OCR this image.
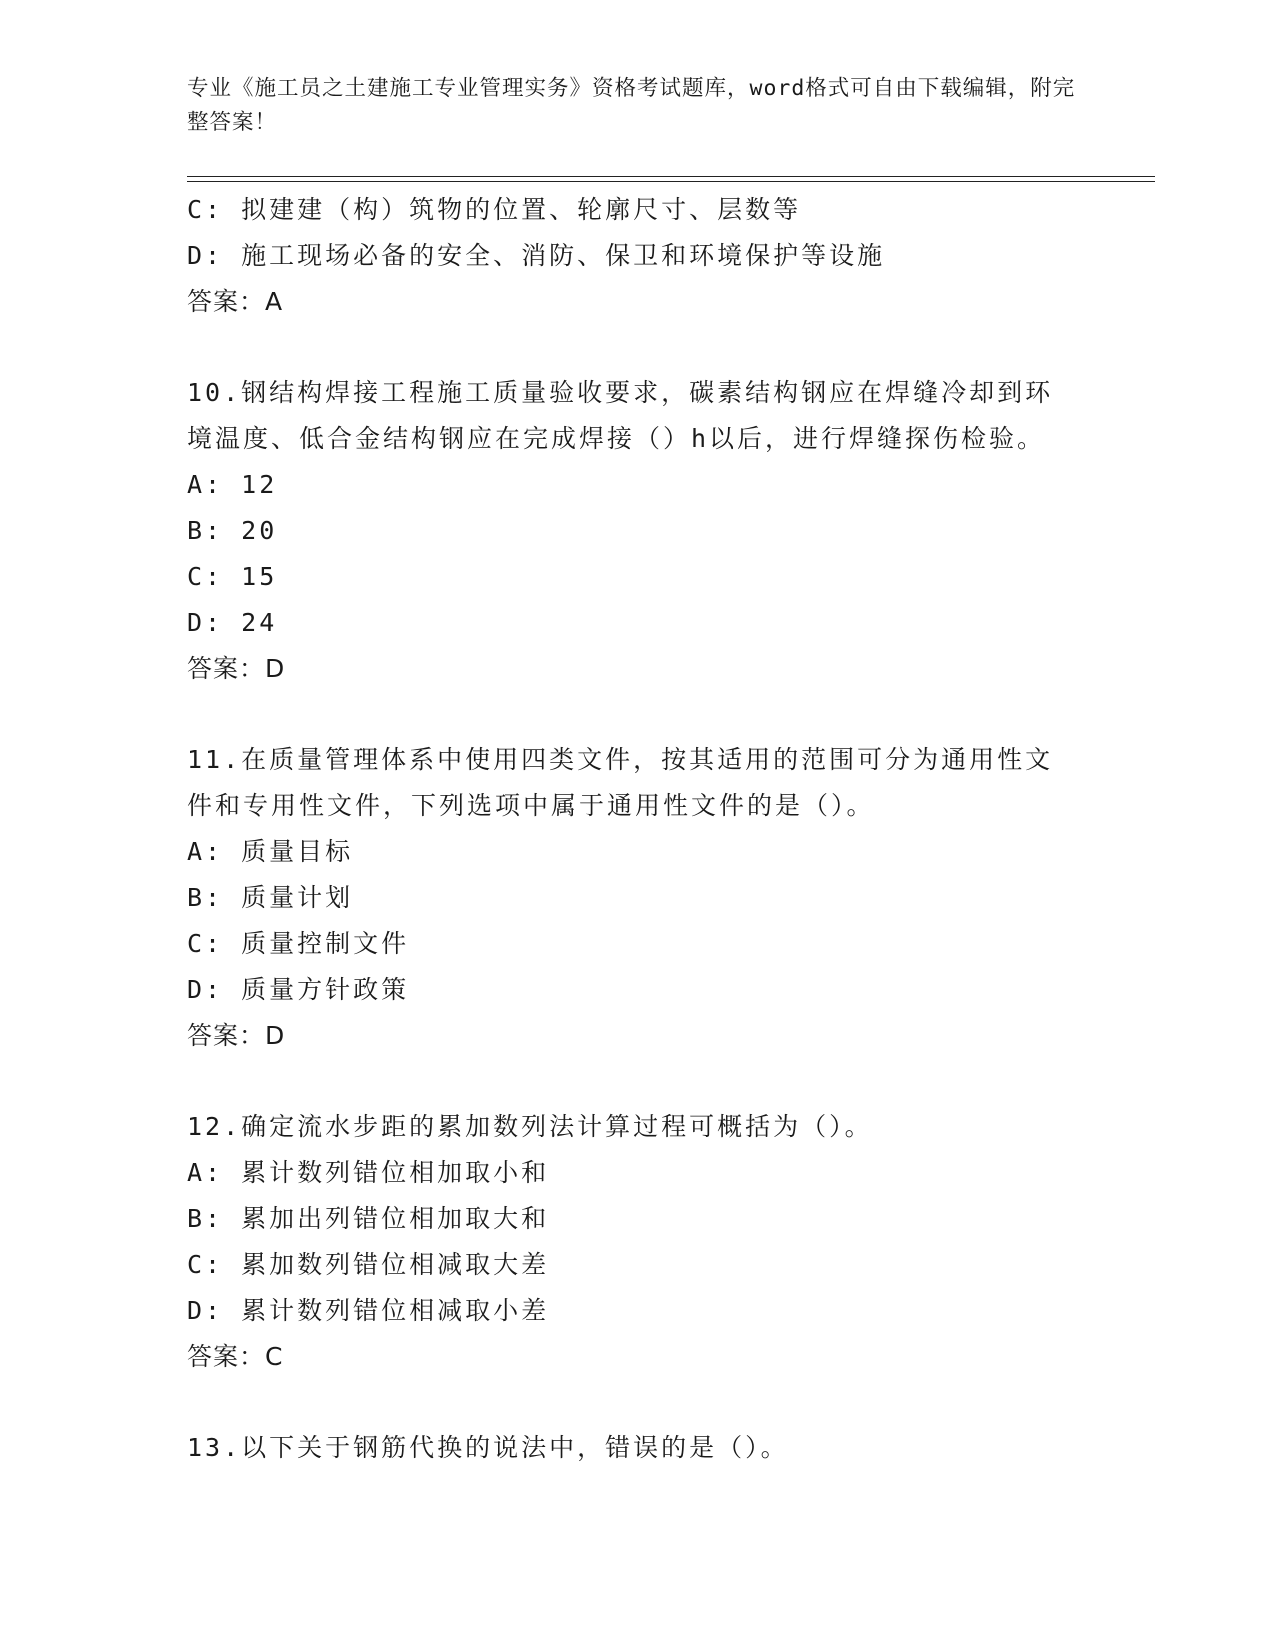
专业《施工员之土建施工专业管理实务》资格考试题库，word格式可自由下载编辑，附完整答案！
C: 拟建建（构）筑物的位置、轮廓尺寸、层数等
D: 施工现场必备的安全、消防、保卫和环境保护等设施
答案：A
10.钢结构焊接工程施工质量验收要求，碳素结构钢应在焊缝冷却到环
境温度、低合金结构钢应在完成焊接（）h以后，进行焊缝探伤检验。
A: 12
B: 20
C: 15
D: 24
答案：D
11.在质量管理体系中使用四类文件，按其适用的范围可分为通用性文
件和专用性文件，下列选项中属于通用性文件的是（）。
A: 质量目标
B: 质量计划
C: 质量控制文件
D: 质量方针政策
答案：D
12.确定流水步距的累加数列法计算过程可概括为（）。
A: 累计数列错位相加取小和
B: 累加出列错位相加取大和
C: 累加数列错位相减取大差
D: 累计数列错位相减取小差
答案：C
13.以下关于钢筋代换的说法中，错误的是（）。
